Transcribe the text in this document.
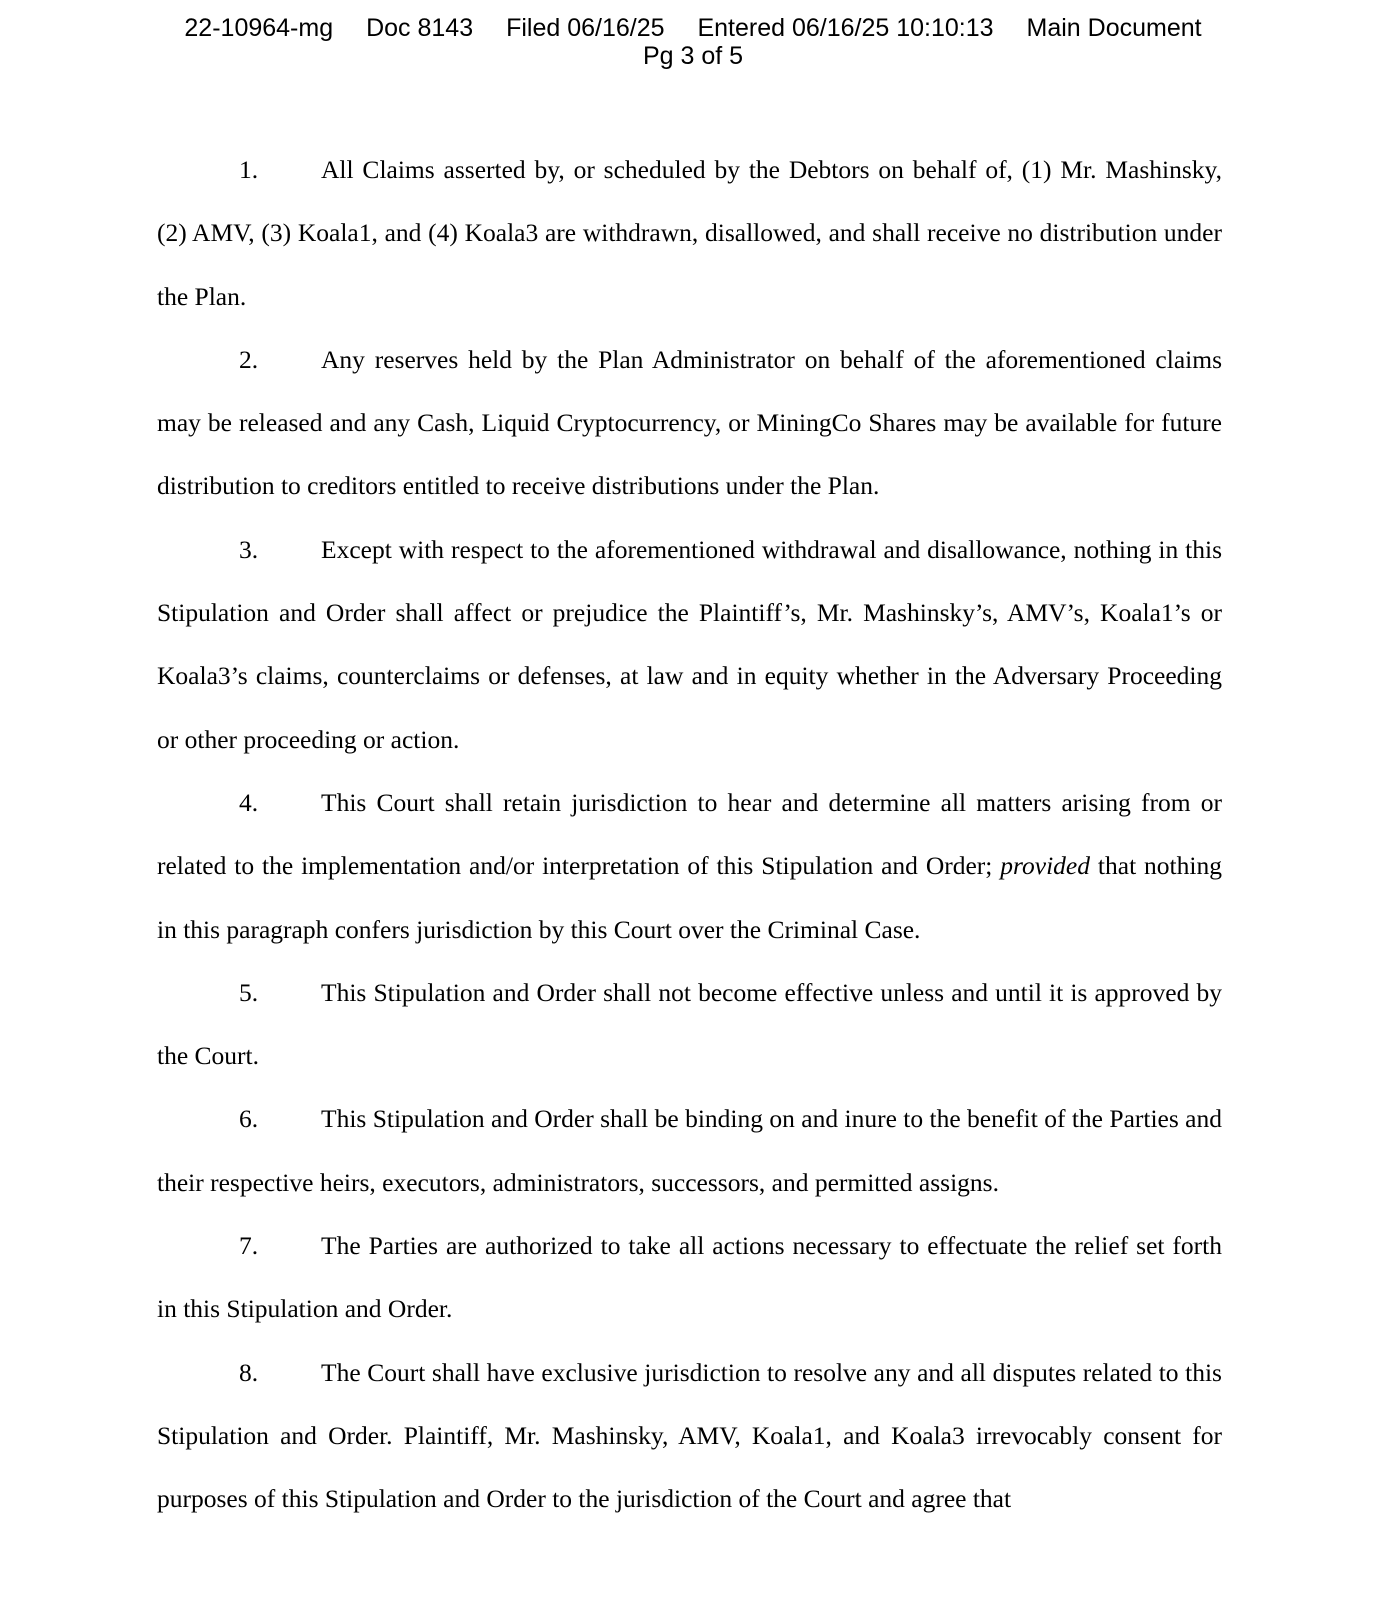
22-10964-mg Doc 8143 Filed 06/16/25 Entered 06/16/25 10:10:13 Main Document
Pg 3 of 5

1. All Claims asserted by, or scheduled by the Debtors on behalf of, (1) Mr. Mashinsky, (2) AMV, (3) Koala1, and (4) Koala3 are withdrawn, disallowed, and shall receive no distribution under the Plan.

2. Any reserves held by the Plan Administrator on behalf of the aforementioned claims may be released and any Cash, Liquid Cryptocurrency, or MiningCo Shares may be available for future distribution to creditors entitled to receive distributions under the Plan.

3. Except with respect to the aforementioned withdrawal and disallowance, nothing in this Stipulation and Order shall affect or prejudice the Plaintiff’s, Mr. Mashinsky’s, AMV’s, Koala1’s or Koala3’s claims, counterclaims or defenses, at law and in equity whether in the Adversary Proceeding or other proceeding or action.

4. This Court shall retain jurisdiction to hear and determine all matters arising from or related to the implementation and/or interpretation of this Stipulation and Order; provided that nothing in this paragraph confers jurisdiction by this Court over the Criminal Case.

5. This Stipulation and Order shall not become effective unless and until it is approved by the Court.

6. This Stipulation and Order shall be binding on and inure to the benefit of the Parties and their respective heirs, executors, administrators, successors, and permitted assigns.

7. The Parties are authorized to take all actions necessary to effectuate the relief set forth in this Stipulation and Order.

8. The Court shall have exclusive jurisdiction to resolve any and all disputes related to this Stipulation and Order. Plaintiff, Mr. Mashinsky, AMV, Koala1, and Koala3 irrevocably consent for purposes of this Stipulation and Order to the jurisdiction of the Court and agree that
